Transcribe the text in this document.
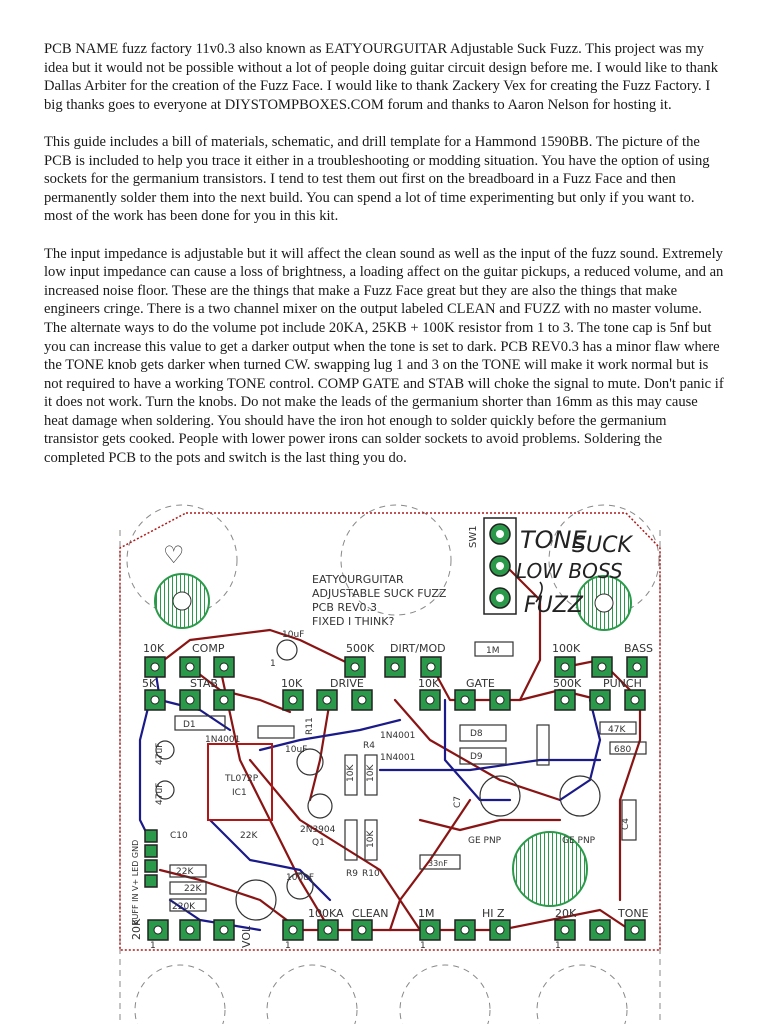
PCB NAME fuzz factory 11v0.3 also known as EATYOURGUITAR Adjustable Suck Fuzz. This project was my idea but it would not be possible without a lot of people doing guitar circuit design before me. I would like to thank Dallas Arbiter for the creation of the Fuzz Face. I would like to thank Zackery Vex for creating the Fuzz Factory. I big thanks goes to everyone at DIYSTOMPBOXES.COM forum and thanks to Aaron Nelson for hosting it.

This guide includes a bill of materials, schematic, and drill template for a Hammond 1590BB. The picture of the PCB is included to help you trace it either in a troubleshooting or modding situation. You have the option of using sockets for the germanium transistors. I tend to test them out first on the breadboard in a Fuzz Face and then permanently solder them into the next build. You can spend a lot of time experimenting but only if you want to. most of the work has been done for you in this kit.

The input impedance is adjustable but it will affect the clean sound as well as the input of the fuzz sound. Extremely low input impedance can cause a loss of brightness, a loading affect on the guitar pickups, a reduced volume, and an increased noise floor. These are the things that make a Fuzz Face great but they are also the things that make engineers cringe. There is a two channel mixer on the output labeled CLEAN and FUZZ with no master volume. The alternate ways to do the volume pot include 20KA, 25KB + 100K resistor from 1 to 3. The tone cap is 5nf but you can increase this value to get a darker output when the tone is set to dark. PCB REV0.3 has a minor flaw where the TONE knob gets darker when turned CW. swapping lug 1 and 3 on the TONE will make it work normal but is not required to have a working TONE control. COMP GATE and STAB will choke the signal to mute. Don't panic if it does not work. Turn the knobs. Do not make the leads of the germanium shorter than 16mm as this may cause heat damage when soldering. You should have the iron hot enough to solder quickly before the germanium transistor gets cooked. People with lower power irons can solder sockets to avoid problems. Soldering the completed PCB to the pots and switch is the last thing you do.

EATYOURGUITAR
ADJUSTABLE SUCK FUZZ
PCB REV0.3
FIXED I THINK?
SW1
10K	COMP	500K DIRT/MOD	100K	BASS
5K	STAB	10K	DRIVE	10K GATE	500K PUNCH
20K	VOL
100KA CLEAN	1M	HI Z	20K	TONE
1	1	1	1
1
10uF
D1
1N4001
IC1
TL072P
R11
R4
10uF
1N4001
1N4001
1M
D8
D9
C7
C10
C4
Q1
2N3904
GE PNP	GE PNP
22K
22K
22K
220K
10K 10K
10K
R9 R10
47K
680
47uF
47uF
100uF
BUFF IN V+ LED GND	33nF
♡
TONE
SUCK
LOW BOSS
FUZZ
